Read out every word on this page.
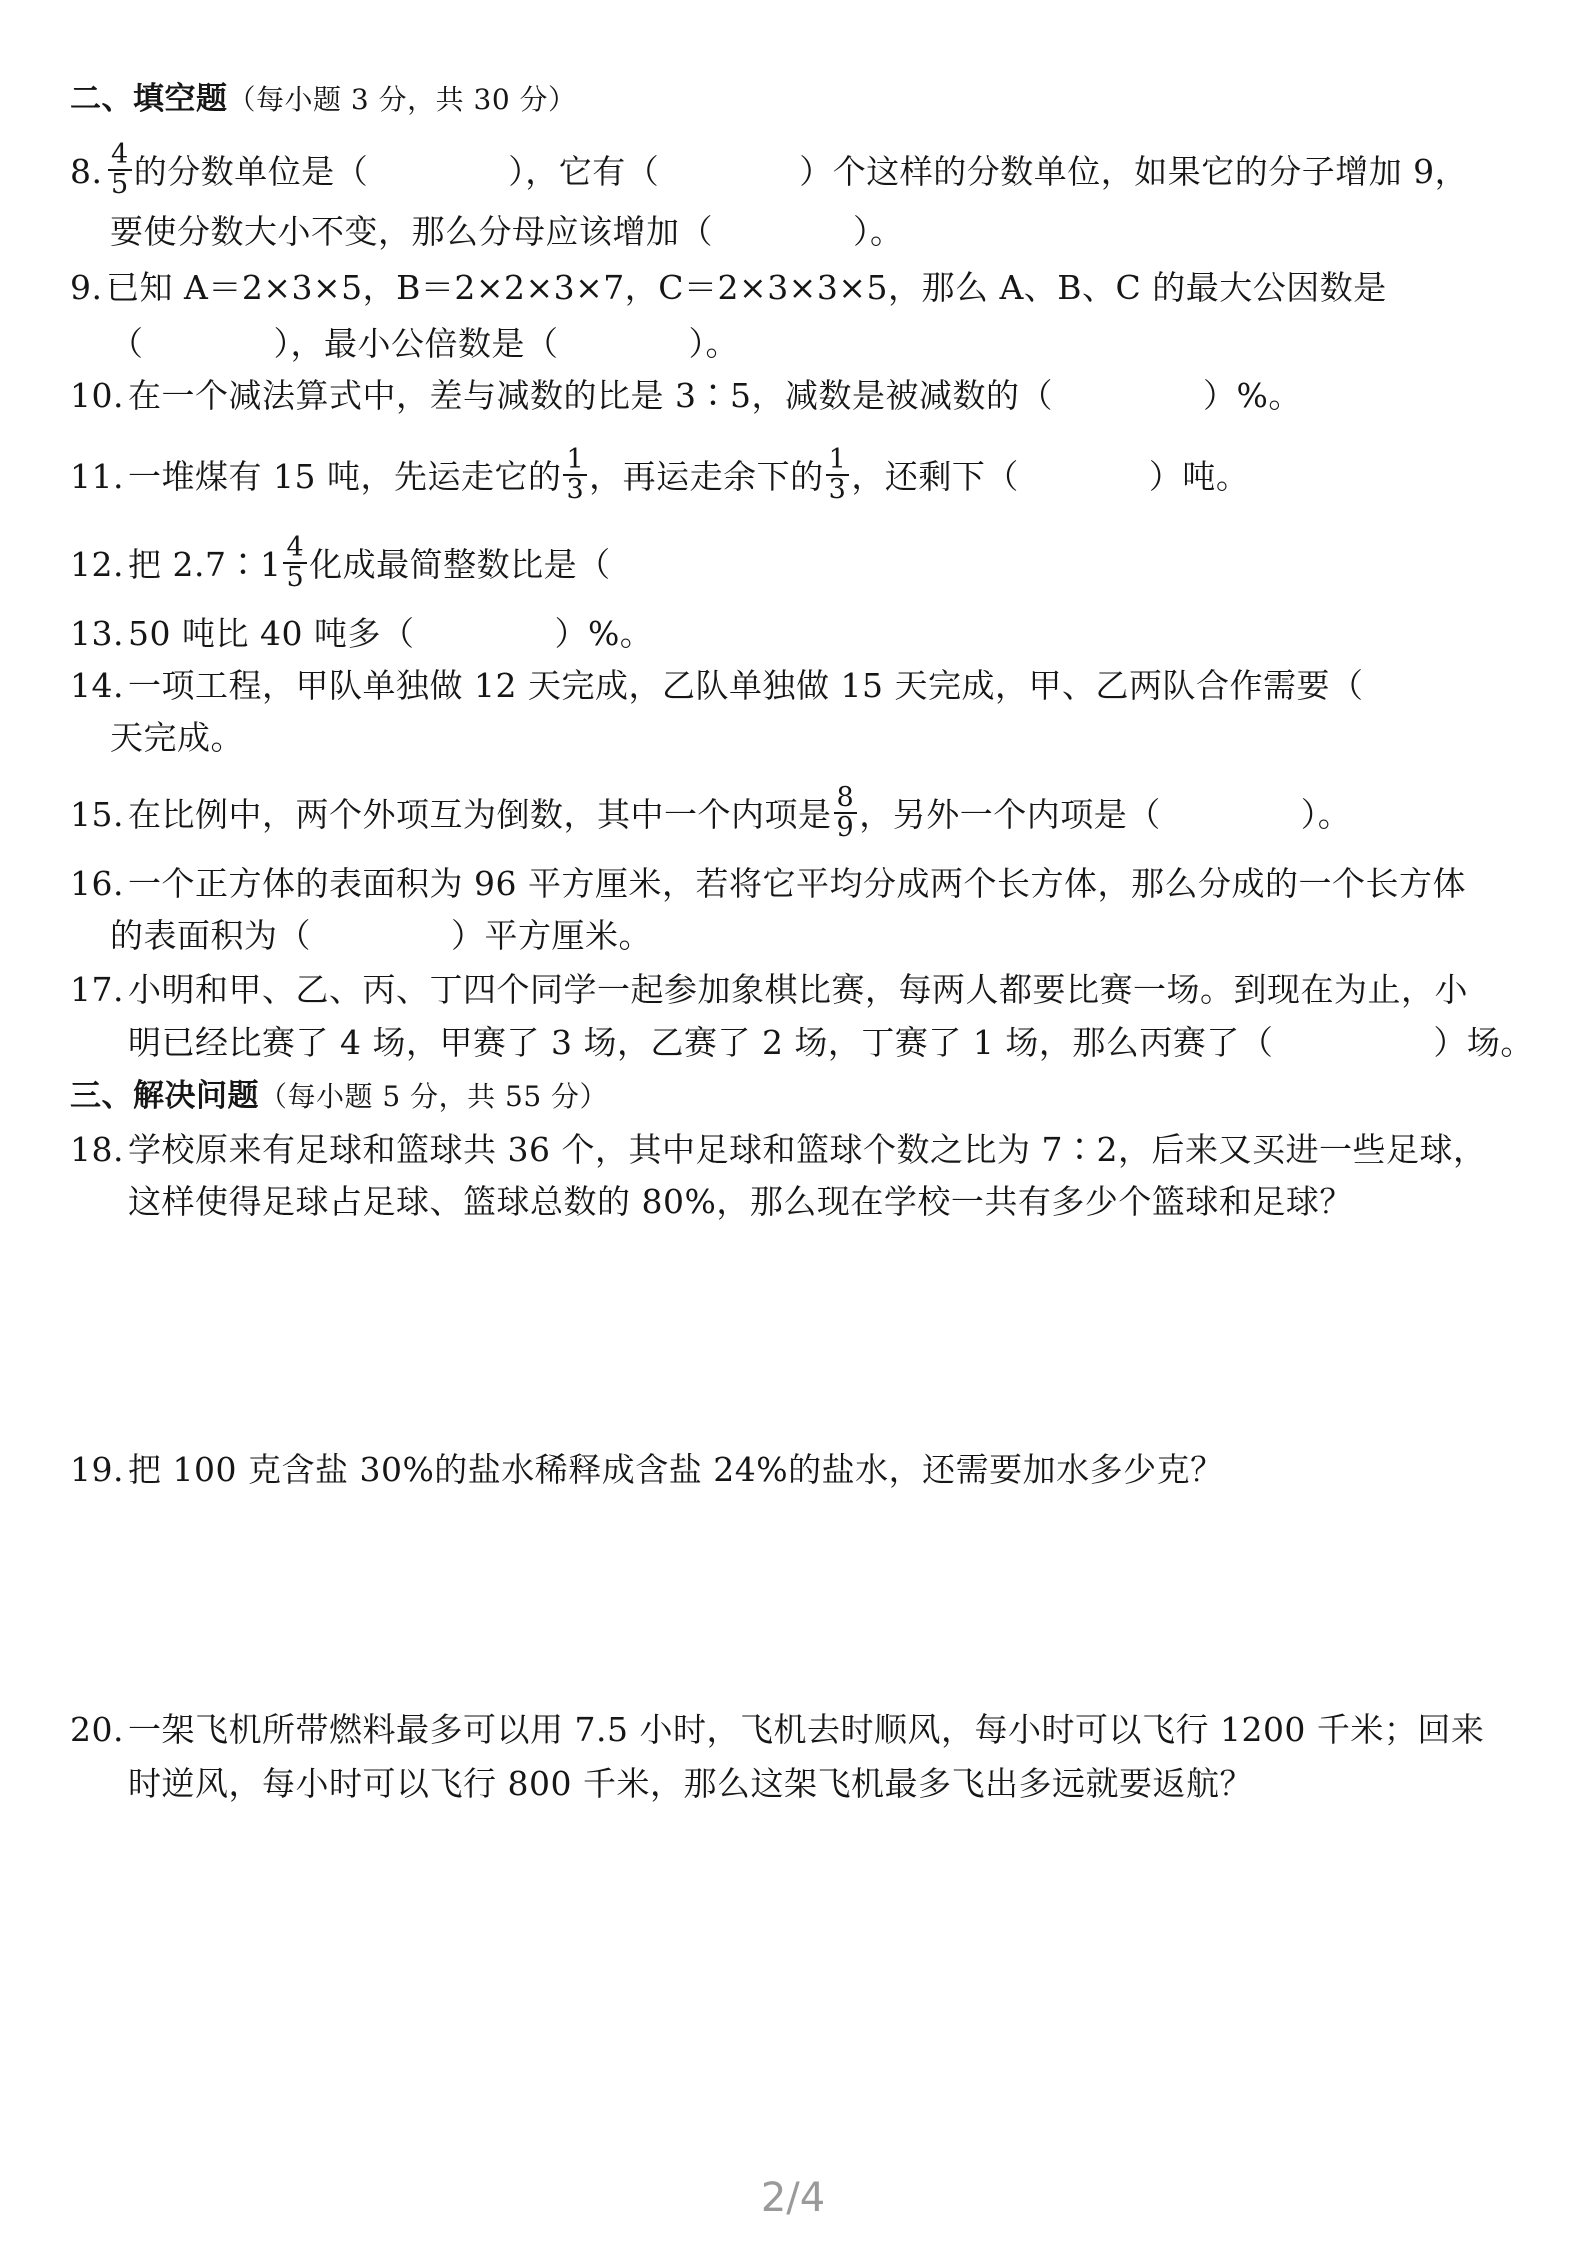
二、填空题（每小题 3 分，共 30 分）
8. $\frac{4}{5}$ 的分数单位是（	），它有（	）个这样的分数单位，如果它的分子增加 9，
要使分数大小不变，那么分母应该增加（	）。
9. 已知 A＝2×3×5，B＝2×2×3×7，C＝2×3×3×5，那么 A、B、C 的最大公因数是
（	），最小公倍数是（	）。
10. 在一个减法算式中，差与减数的比是 3∶5，减数是被减数的（	）%。
11. 一堆煤有 15 吨，先运走它的 $\frac{1}{3}$ ，再运走余下的 $\frac{1}{3}$ ，还剩下（	）吨。
12. 把 2.7∶1 $\frac{4}{5}$ 化成最简整数比是（
13. 50 吨比 40 吨多（	）%。
14. 一项工程，甲队单独做 12 天完成，乙队单独做 15 天完成，甲、乙两队合作需要（
天完成。
15. 在比例中，两个外项互为倒数，其中一个内项是 $\frac{8}{9}$ ，另外一个内项是（	）。
16. 一个正方体的表面积为 96 平方厘米，若将它平均分成两个长方体，那么分成的一个长方体
的表面积为（	）平方厘米。
17. 小明和甲、乙、丙、丁四个同学一起参加象棋比赛，每两人都要比赛一场。到现在为止，小
明已经比赛了 4 场，甲赛了 3 场，乙赛了 2 场，丁赛了 1 场，那么丙赛了（	）场。
三、解决问题（每小题 5 分，共 55 分）
18. 学校原来有足球和篮球共 36 个，其中足球和篮球个数之比为 7∶2，后来又买进一些足球，
这样使得足球占足球、篮球总数的 80%，那么现在学校一共有多少个篮球和足球？
19. 把 100 克含盐 30%的盐水稀释成含盐 24%的盐水，还需要加水多少克？
20. 一架飞机所带燃料最多可以用 7.5 小时，飞机去时顺风，每小时可以飞行 1200 千米；回来
时逆风，每小时可以飞行 800 千米，那么这架飞机最多飞出多远就要返航？
2/4
